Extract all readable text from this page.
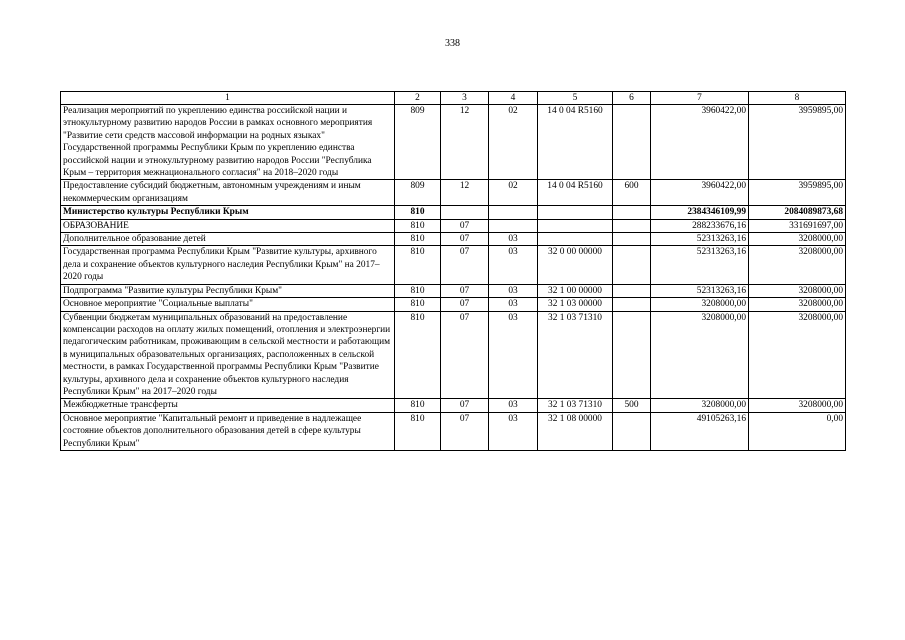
338
1	2	3	4	5	6	7	8
Реализация мероприятий по укреплению единства российской нации и этнокультурному развитию народов России в рамках основного мероприятия "Развитие сети средств массовой информации на родных языках" Государственной программы Республики Крым по укреплению единства российской нации и этнокультурному развитию народов России "Республика Крым – территория межнационального согласия" на 2018–2020 годы	809	12	02	14 0 04 R5160		3960422,00	3959895,00
Предоставление субсидий бюджетным, автономным учреждениям и иным некоммерческим организациям	809	12	02	14 0 04 R5160	600	3960422,00	3959895,00
Министерство культуры Республики Крым	810					2384346109,99	2084089873,68
ОБРАЗОВАНИЕ	810	07				288233676,16	331691697,00
Дополнительное образование детей	810	07	03			52313263,16	3208000,00
Государственная программа Республики Крым "Развитие культуры, архивного дела и сохранение объектов культурного наследия Республики Крым" на 2017–2020 годы	810	07	03	32 0 00 00000		52313263,16	3208000,00
Подпрограмма "Развитие культуры Республики Крым"	810	07	03	32 1 00 00000		52313263,16	3208000,00
Основное мероприятие "Социальные выплаты"	810	07	03	32 1 03 00000		3208000,00	3208000,00
Субвенции бюджетам муниципальных образований на предоставление компенсации расходов на оплату жилых помещений, отопления и электроэнергии педагогическим работникам, проживающим в сельской местности и работающим в муниципальных образовательных организациях, расположенных в сельской местности, в рамках Государственной программы Республики Крым "Развитие культуры, архивного дела и сохранение объектов культурного наследия Республики Крым" на 2017–2020 годы	810	07	03	32 1 03 71310		3208000,00	3208000,00
Межбюджетные трансферты	810	07	03	32 1 03 71310	500	3208000,00	3208000,00
Основное мероприятие "Капитальный ремонт и приведение в надлежащее состояние объектов дополнительного образования детей в сфере культуры Республики Крым"	810	07	03	32 1 08 00000		49105263,16	0,00
